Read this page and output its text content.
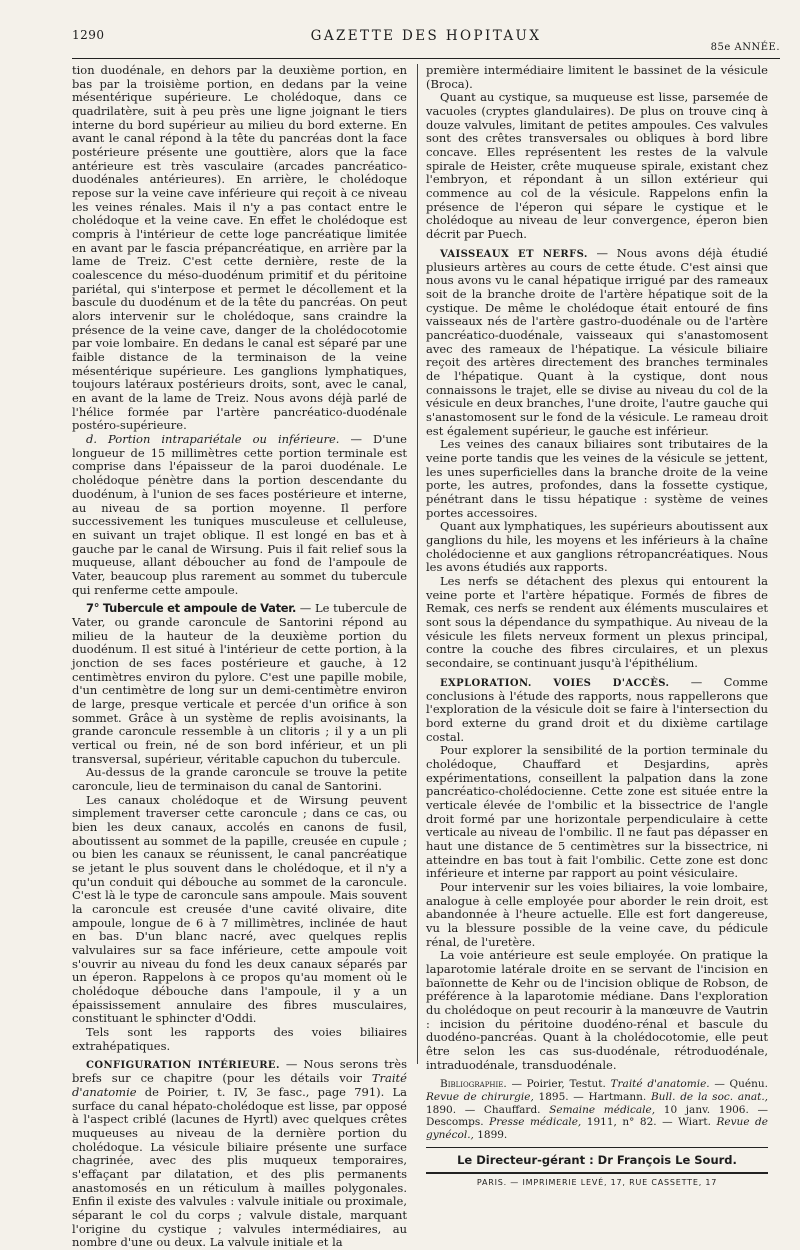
1290	GAZETTE DES HOPITAUX
85e ANNÉE.

tion duodénale, en dehors par la deuxième portion, en bas par la troisième portion, en dedans par la veine mésentérique supérieure. Le cholédoque, dans ce quadrilatère, suit à peu près une ligne joignant le tiers interne du bord supérieur au milieu du bord externe. En avant le canal répond à la tête du pancréas dont la face postérieure présente une gouttière, alors que la face antérieure est très vasculaire (arcades pancréatico-duodénales antérieures). En arrière, le cholédoque repose sur la veine cave inférieure qui reçoit à ce niveau les veines rénales. Mais il n'y a pas contact entre le cholédoque et la veine cave. En effet le cholédoque est compris à l'intérieur de cette loge pancréatique limitée en avant par le fascia prépancréatique, en arrière par la lame de Treiz. C'est cette dernière, reste de la coalescence du méso-duodénum primitif et du péritoine pariétal, qui s'interpose et permet le décollement et la bascule du duodénum et de la tête du pancréas. On peut alors intervenir sur le cholédoque, sans craindre la présence de la veine cave, danger de la cholédocotomie par voie lombaire. En dedans le canal est séparé par une faible distance de la terminaison de la veine mésentérique supérieure. Les ganglions lymphatiques, toujours latéraux postérieurs droits, sont, avec le canal, en avant de la lame de Treiz. Nous avons déjà parlé de l'hélice formée par l'artère pancréatico-duodénale postéro-supérieure.

d. Portion intrapariétale ou inférieure. — D'une longueur de 15 millimètres cette portion terminale est comprise dans l'épaisseur de la paroi duodénale. Le cholédoque pénètre dans la portion descendante du duodénum, à l'union de ses faces postérieure et interne, au niveau de sa portion moyenne. Il perfore successivement les tuniques musculeuse et celluleuse, en suivant un trajet oblique. Il est longé en bas et à gauche par le canal de Wirsung. Puis il fait relief sous la muqueuse, allant déboucher au fond de l'ampoule de Vater, beaucoup plus rarement au sommet du tubercule qui renferme cette ampoule.

7° Tubercule et ampoule de Vater. — Le tubercule de Vater, ou grande caroncule de Santorini répond au milieu de la hauteur de la deuxième portion du duodénum. Il est situé à l'intérieur de cette portion, à la jonction de ses faces postérieure et gauche, à 12 centimètres environ du pylore. C'est une papille mobile, d'un centimètre de long sur un demi-centimètre environ de large, presque verticale et percée d'un orifice à son sommet. Grâce à un système de replis avoisinants, la grande caroncule ressemble à un clitoris ; il y a un pli vertical ou frein, né de son bord inférieur, et un pli transversal, supérieur, véritable capuchon du tubercule.

Au-dessus de la grande caroncule se trouve la petite caroncule, lieu de terminaison du canal de Santorini.

Les canaux cholédoque et de Wirsung peuvent simplement traverser cette caroncule ; dans ce cas, ou bien les deux canaux, accolés en canons de fusil, aboutissent au sommet de la papille, creusée en cupule ; ou bien les canaux se réunissent, le canal pancréatique se jetant le plus souvent dans le cholédoque, et il n'y a qu'un conduit qui débouche au sommet de la caroncule. C'est là le type de caroncule sans ampoule. Mais souvent la caroncule est creusée d'une cavité olivaire, dite ampoule, longue de 6 à 7 millimètres, inclinée de haut en bas. D'un blanc nacré, avec quelques replis valvulaires sur sa face inférieure, cette ampoule voit s'ouvrir au niveau du fond les deux canaux séparés par un éperon. Rappelons à ce propos qu'au moment où le cholédoque débouche dans l'ampoule, il y a un épaississement annulaire des fibres musculaires, constituant le sphincter d'Oddi.

Tels sont les rapports des voies biliaires extrahépatiques.

CONFIGURATION INTÉRIEURE. — Nous serons très brefs sur ce chapitre (pour les détails voir Traité d'anatomie de Poirier, t. IV, 3e fasc., page 791). La surface du canal hépato-cholédoque est lisse, par opposé à l'aspect criblé (lacunes de Hyrtl) avec quelques crêtes muqueuses au niveau de la dernière portion du cholédoque. La vésicule biliaire présente une surface chagrinée, avec des plis muqueux temporaires, s'effaçant par dilatation, et des plis permanents anastomosés en un réticulum à mailles polygonales. Enfin il existe des valvules : valvule initiale ou proximale, séparant le col du corps ; valvule distale, marquant l'origine du cystique ; valvules intermédiaires, au nombre d'une ou deux. La valvule initiale et la

première intermédiaire limitent le bassinet de la vésicule (Broca).

Quant au cystique, sa muqueuse est lisse, parsemée de vacuoles (cryptes glandulaires). De plus on trouve cinq à douze valvules, limitant de petites ampoules. Ces valvules sont des crêtes transversales ou obliques à bord libre concave. Elles représentent les restes de la valvule spirale de Heister, crête muqueuse spirale, existant chez l'embryon, et répondant à un sillon extérieur qui commence au col de la vésicule. Rappelons enfin la présence de l'éperon qui sépare le cystique et le cholédoque au niveau de leur convergence, éperon bien décrit par Puech.

VAISSEAUX ET NERFS. — Nous avons déjà étudié plusieurs artères au cours de cette étude. C'est ainsi que nous avons vu le canal hépatique irrigué par des rameaux soit de la branche droite de l'artère hépatique soit de la cystique. De même le cholédoque était entouré de fins vaisseaux nés de l'artère gastro-duodénale ou de l'artère pancréatico-duodénale, vaisseaux qui s'anastomosent avec des rameaux de l'hépatique. La vésicule biliaire reçoit des artères directement des branches terminales de l'hépatique. Quant à la cystique, dont nous connaissons le trajet, elle se divise au niveau du col de la vésicule en deux branches, l'une droite, l'autre gauche qui s'anastomosent sur le fond de la vésicule. Le rameau droit est également supérieur, le gauche est inférieur.

Les veines des canaux biliaires sont tributaires de la veine porte tandis que les veines de la vésicule se jettent, les unes superficielles dans la branche droite de la veine porte, les autres, profondes, dans la fossette cystique, pénétrant dans le tissu hépatique : système de veines portes accessoires.

Quant aux lymphatiques, les supérieurs aboutissent aux ganglions du hile, les moyens et les inférieurs à la chaîne cholédocienne et aux ganglions rétropancréatiques. Nous les avons étudiés aux rapports.

Les nerfs se détachent des plexus qui entourent la veine porte et l'artère hépatique. Formés de fibres de Remak, ces nerfs se rendent aux éléments musculaires et sont sous la dépendance du sympathique. Au niveau de la vésicule les filets nerveux forment un plexus principal, contre la couche des fibres circulaires, et un plexus secondaire, se continuant jusqu'à l'épithélium.

EXPLORATION. VOIES D'ACCÈS. — Comme conclusions à l'étude des rapports, nous rappellerons que l'exploration de la vésicule doit se faire à l'intersection du bord externe du grand droit et du dixième cartilage costal.

Pour explorer la sensibilité de la portion terminale du cholédoque, Chauffard et Desjardins, après expérimentations, conseillent la palpation dans la zone pancréatico-cholédocienne. Cette zone est située entre la verticale élevée de l'ombilic et la bissectrice de l'angle droit formé par une horizontale perpendiculaire à cette verticale au niveau de l'ombilic. Il ne faut pas dépasser en haut une distance de 5 centimètres sur la bissectrice, ni atteindre en bas tout à fait l'ombilic. Cette zone est donc inférieure et interne par rapport au point vésiculaire.

Pour intervenir sur les voies biliaires, la voie lombaire, analogue à celle employée pour aborder le rein droit, est abandonnée à l'heure actuelle. Elle est fort dangereuse, vu la blessure possible de la veine cave, du pédicule rénal, de l'uretère.

La voie antérieure est seule employée. On pratique la laparotomie latérale droite en se servant de l'incision en baïonnette de Kehr ou de l'incision oblique de Robson, de préférence à la laparotomie médiane. Dans l'exploration du cholédoque on peut recourir à la manœuvre de Vautrin : incision du péritoine duodéno-rénal et bascule du duodéno-pancréas. Quant à la cholédocotomie, elle peut être selon les cas sus-duodénale, rétroduodénale, intraduodénale, transduodénale.

Bibliographie. — Poirier, Testut. Traité d'anatomie. — Quénu. Revue de chirurgie, 1895. — Hartmann. Bull. de la soc. anat., 1890. — Chauffard. Semaine médicale, 10 janv. 1906. — Descomps. Presse médicale, 1911, n° 82. — Wiart. Revue de gynécol., 1899.

Le Directeur-gérant : Dr François Le Sourd.
PARIS. — IMPRIMERIE LEVÉ, 17, RUE CASSETTE, 17
